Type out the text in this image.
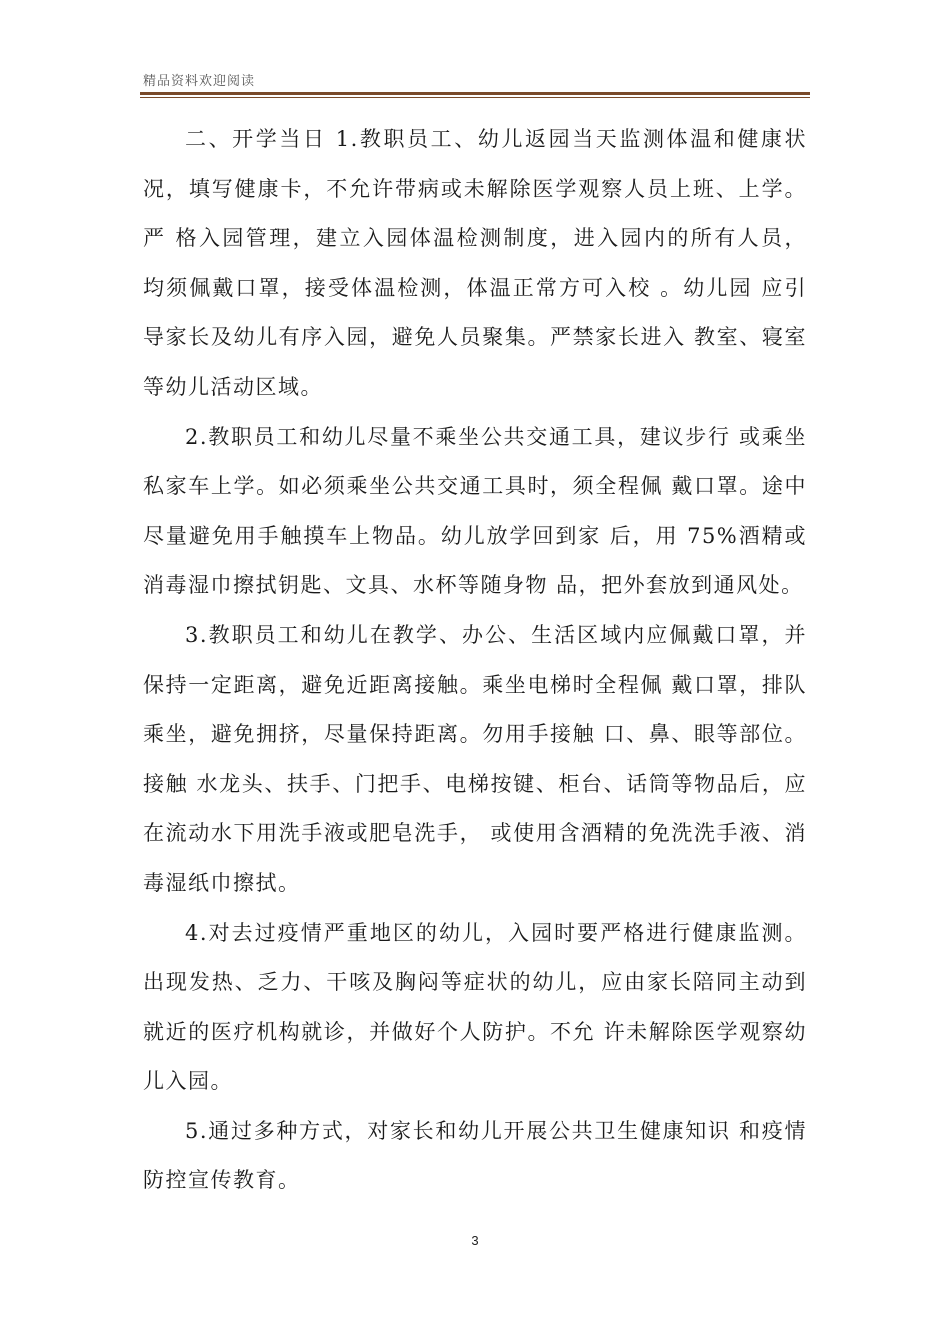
精品资料欢迎阅读

二、开学当日 1.教职员工、幼儿返园当天监测体温和健康状况，填写健康卡，不允许带病或未解除医学观察人员上班、上学。严 格入园管理，建立入园体温检测制度，进入园内的所有人员， 均须佩戴口罩，接受体温检测，体温正常方可入校 。幼儿园 应引导家长及幼儿有序入园，避免人员聚集。严禁家长进入 教室、寝室等幼儿活动区域。

2.教职员工和幼儿尽量不乘坐公共交通工具，建议步行 或乘坐私家车上学。如必须乘坐公共交通工具时，须全程佩 戴口罩。途中尽量避免用手触摸车上物品。幼儿放学回到家 后，用 75%酒精或消毒湿巾擦拭钥匙、文具、水杯等随身物 品，把外套放到通风处。

3.教职员工和幼儿在教学、办公、生活区域内应佩戴口罩，并保持一定距离，避免近距离接触。乘坐电梯时全程佩 戴口罩，排队乘坐，避免拥挤，尽量保持距离。勿用手接触 口、鼻、眼等部位。接触 水龙头、扶手、门把手、电梯按键、柜台、话筒等物品后，应在流动水下用洗手液或肥皂洗手， 或使用含酒精的免洗洗手液、消毒湿纸巾擦拭。

4.对去过疫情严重地区的幼儿，入园时要严格进行健康监测。出现发热、乏力、干咳及胸闷等症状的幼儿，应由家长陪同主动到就近的医疗机构就诊，并做好个人防护。不允 许未解除医学观察幼儿入园。

5.通过多种方式，对家长和幼儿开展公共卫生健康知识 和疫情防控宣传教育。

3
